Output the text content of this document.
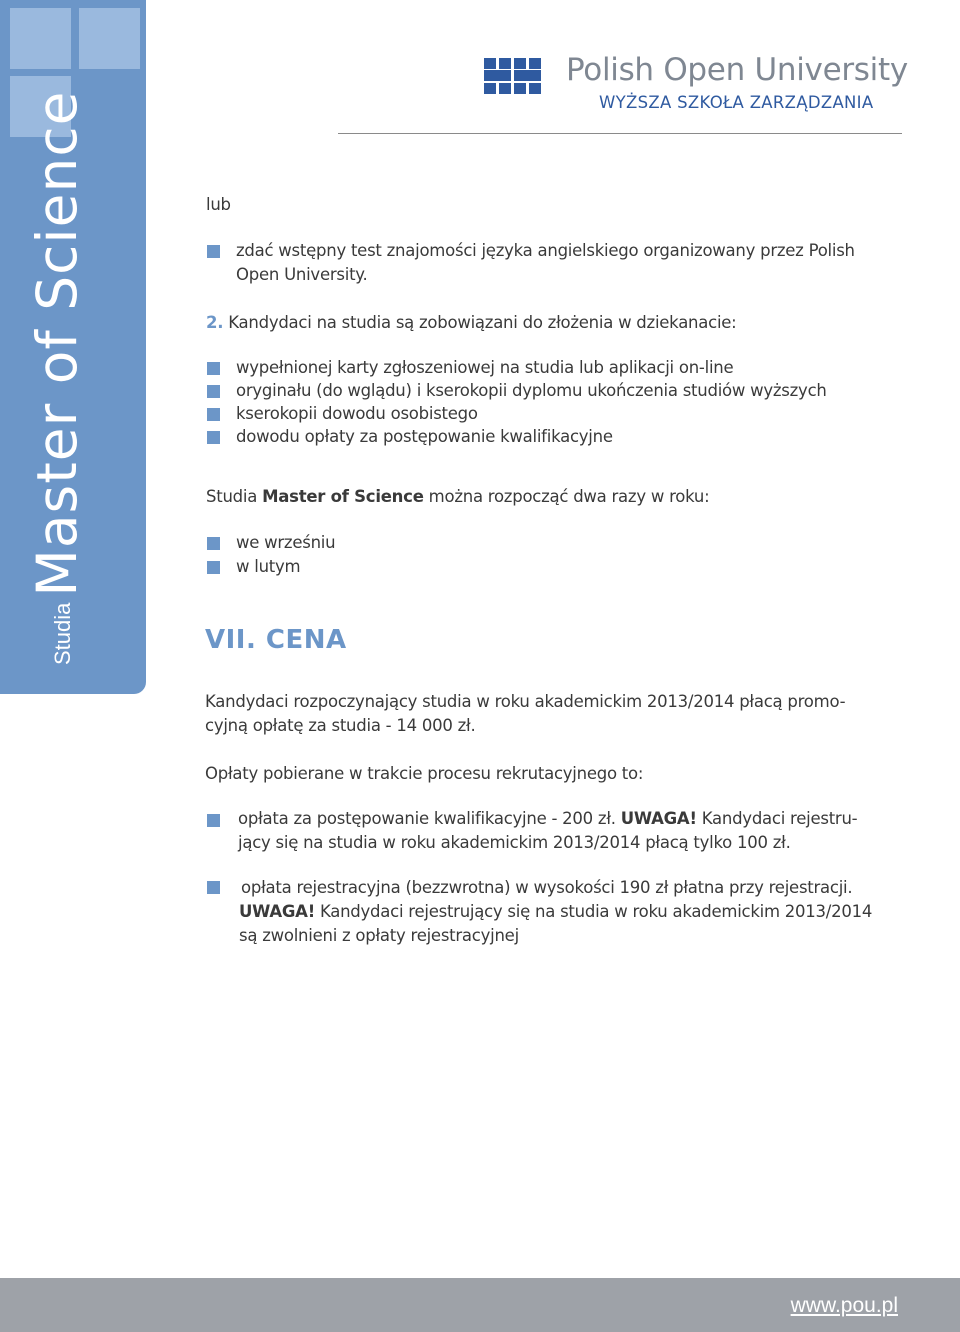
StudiaMaster of Science
Polish Open University
WYŻSZA SZKOŁA ZARZĄDZANIA
lub
zdać wstępny test znajomości języka angielskiego organizowany przez Polish
Open University.
2. Kandydaci na studia są zobowiązani do złożenia w dziekanacie:
wypełnionej karty zgłoszeniowej na studia lub aplikacji on-line
oryginału (do wglądu) i kserokopii dyplomu ukończenia studiów wyższych
kserokopii dowodu osobistego
dowodu opłaty za postępowanie kwalifikacyjne
Studia Master of Science można rozpocząć dwa razy w roku:
we wrześniu
w lutym
VII. CENA
Kandydaci rozpoczynający studia w roku akademickim 2013/2014 płacą promo-
cyjną opłatę za studia - 14 000 zł.
Opłaty pobierane w trakcie procesu rekrutacyjnego to:
opłata za postępowanie kwalifikacyjne - 200 zł. UWAGA! Kandydaci rejestru-
jący się na studia w roku akademickim 2013/2014 płacą tylko 100 zł.
opłata rejestracyjna (bezzwrotna) w wysokości 190 zł płatna przy rejestracji.
UWAGA! Kandydaci rejestrujący się na studia w roku akademickim 2013/2014
są zwolnieni z opłaty rejestracyjnej
www.pou.pl
